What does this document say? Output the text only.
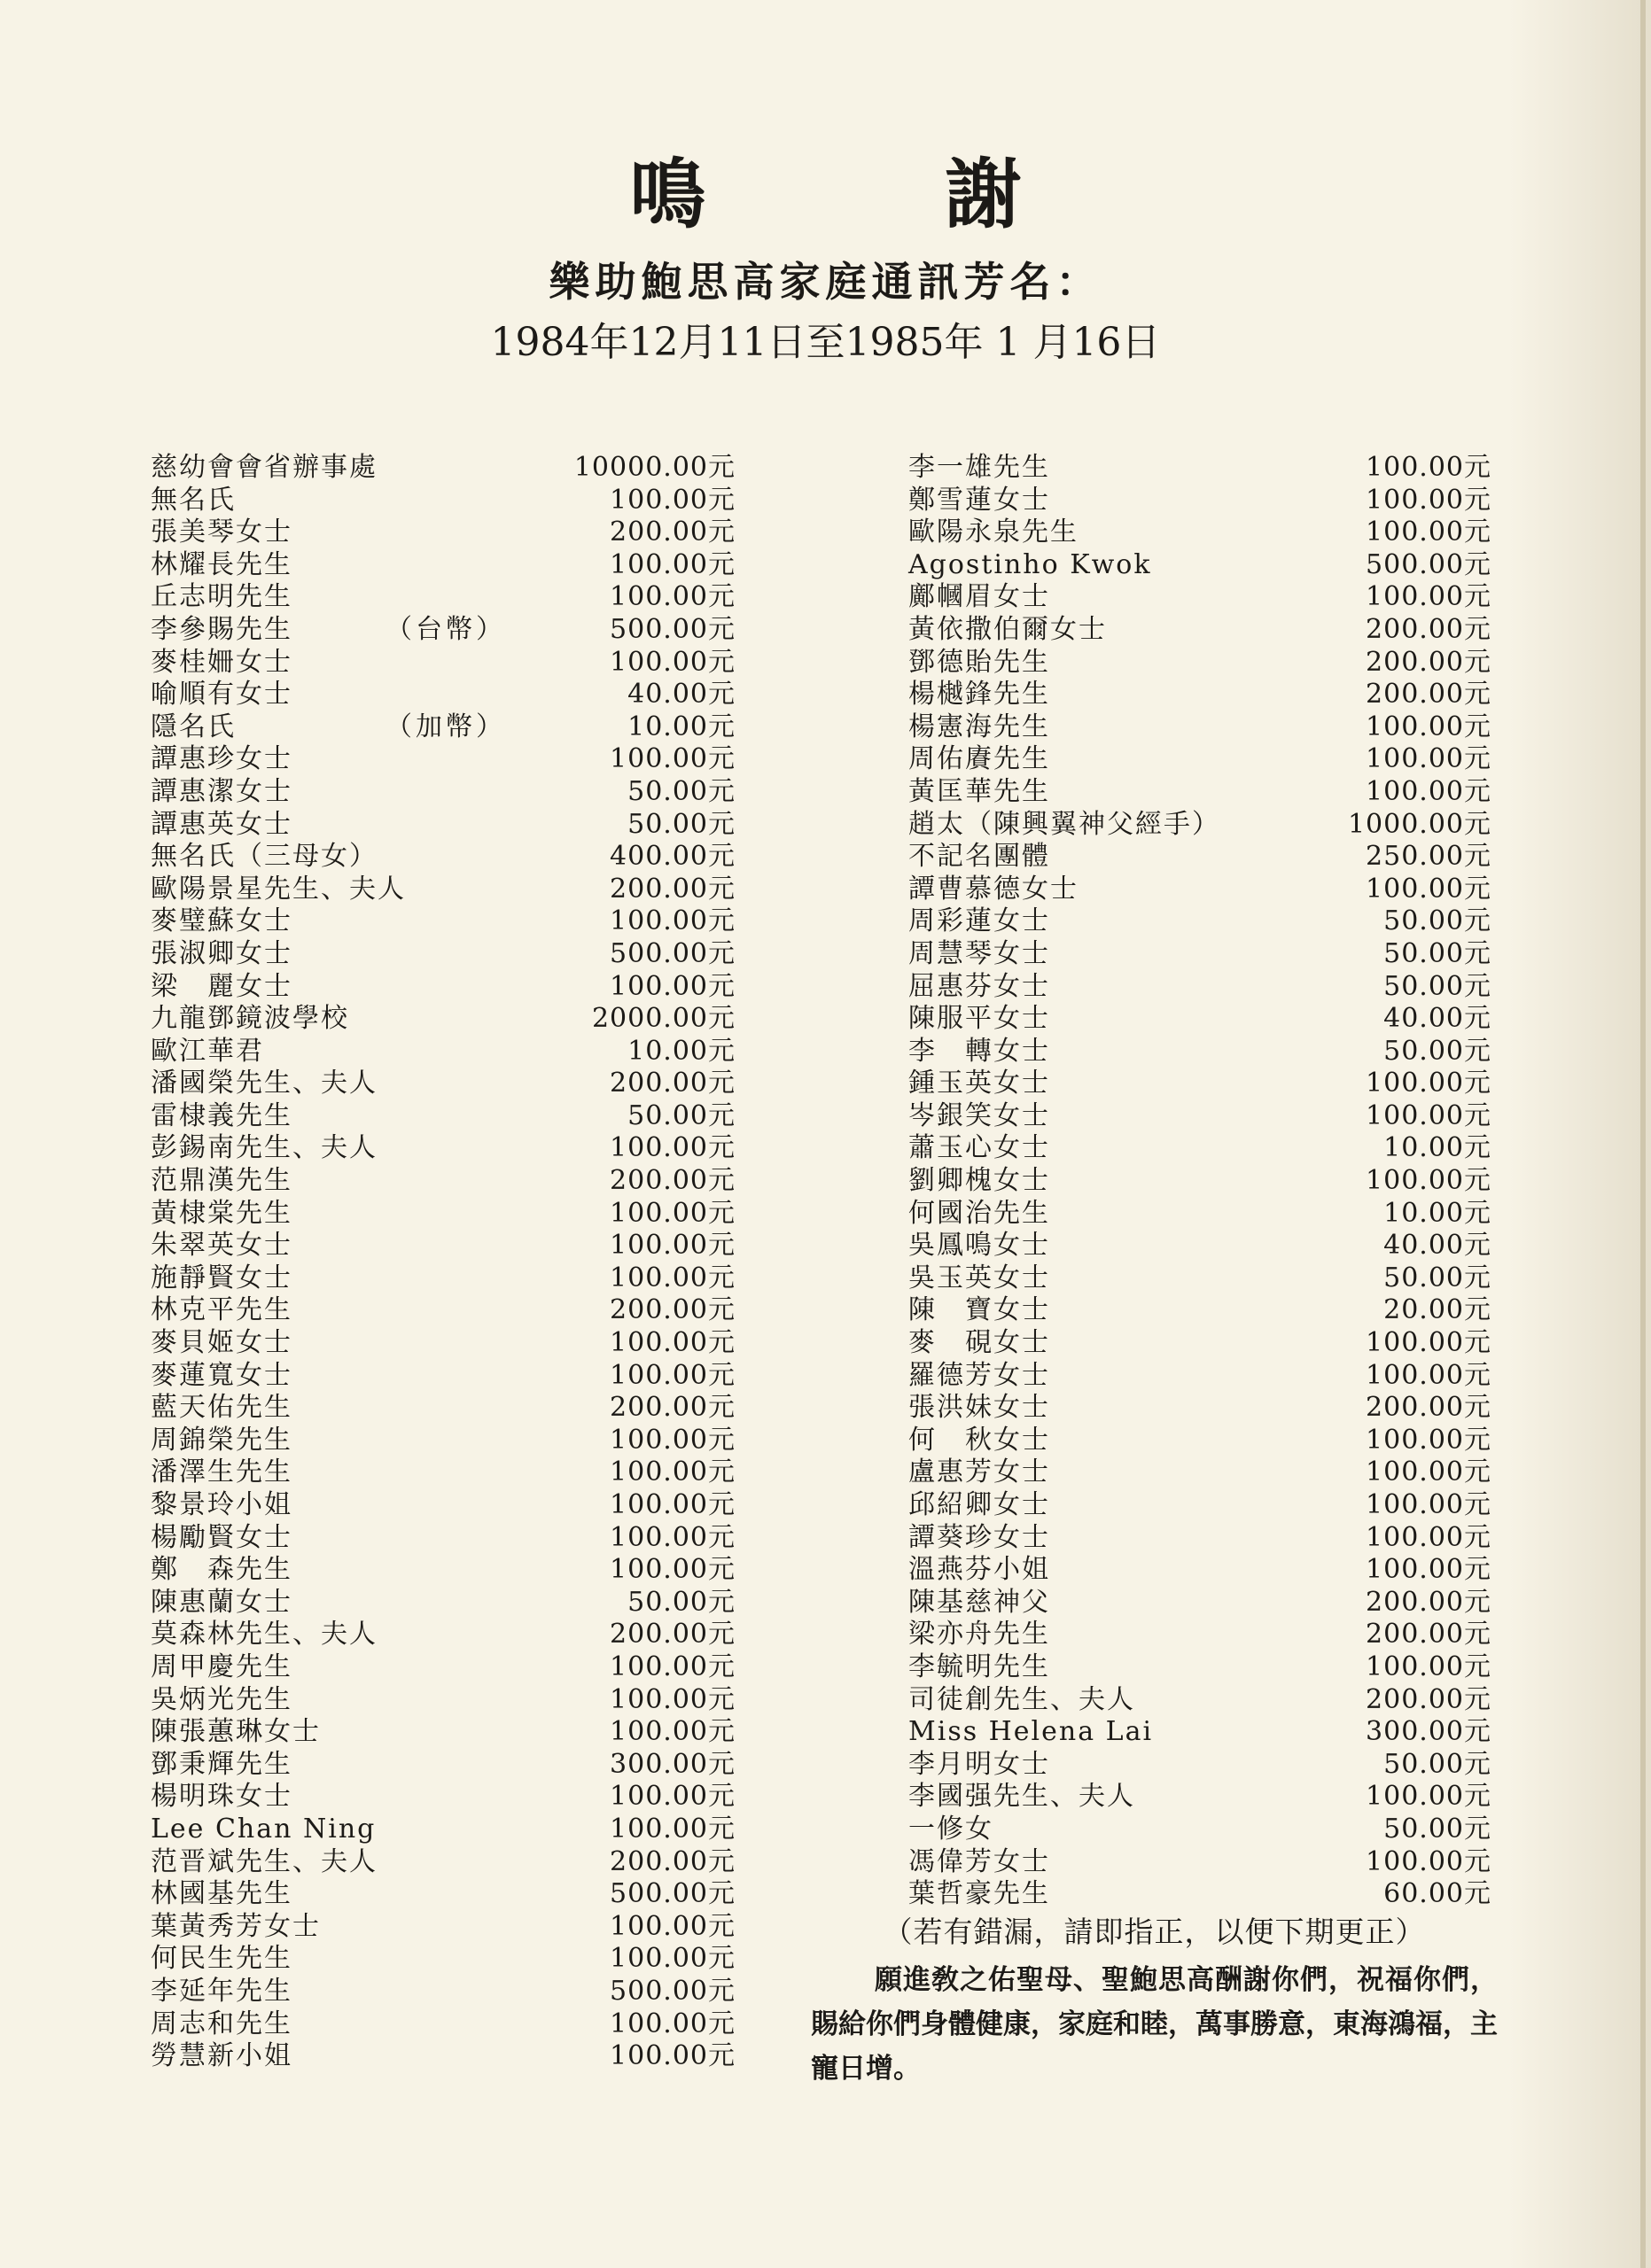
鳴 謝
樂助鮑思高家庭通訊芳名：
1984年12月11日至1985年 1 月16日
慈幼會會省辦事處	10000.00元
無名氏	100.00元
張美琴女士	200.00元
林耀長先生	100.00元
丘志明先生	100.00元
李參賜先生	（台幣）	500.00元
麥桂姍女士	100.00元
喻順有女士	40.00元
隱名氏	（加幣）	10.00元
譚惠珍女士	100.00元
譚惠潔女士	50.00元
譚惠英女士	50.00元
無名氏（三母女）	400.00元
歐陽景星先生、夫人	200.00元
麥璧蘇女士	100.00元
張淑卿女士	500.00元
梁　麗女士	100.00元
九龍鄧鏡波學校	2000.00元
歐江華君	10.00元
潘國榮先生、夫人	200.00元
雷棣義先生	50.00元
彭錫南先生、夫人	100.00元
范鼎漢先生	200.00元
黃棣棠先生	100.00元
朱翠英女士	100.00元
施靜賢女士	100.00元
林克平先生	200.00元
麥貝姬女士	100.00元
麥蓮寬女士	100.00元
藍天佑先生	200.00元
周錦榮先生	100.00元
潘澤生先生	100.00元
黎景玲小姐	100.00元
楊勵賢女士	100.00元
鄭　森先生	100.00元
陳惠蘭女士	50.00元
莫森林先生、夫人	200.00元
周甲慶先生	100.00元
吳炳光先生	100.00元
陳張蕙琳女士	100.00元
鄧秉輝先生	300.00元
楊明珠女士	100.00元
Lee Chan Ning	100.00元
范晋斌先生、夫人	200.00元
林國基先生	500.00元
葉黃秀芳女士	100.00元
何民生先生	100.00元
李延年先生	500.00元
周志和先生	100.00元
勞慧新小姐	100.00元
李一雄先生	100.00元
鄭雪蓮女士	100.00元
歐陽永泉先生	100.00元
Agostinho Kwok	500.00元
鄺幗眉女士	100.00元
黃依撒伯爾女士	200.00元
鄧德貽先生	200.00元
楊樾鋒先生	200.00元
楊憲海先生	100.00元
周佑賡先生	100.00元
黃匡華先生	100.00元
趙太（陳興翼神父經手）	1000.00元
不記名團體	250.00元
譚曹慕德女士	100.00元
周彩蓮女士	50.00元
周慧琴女士	50.00元
屈惠芬女士	50.00元
陳服平女士	40.00元
李　轉女士	50.00元
鍾玉英女士	100.00元
岑銀笑女士	100.00元
蕭玉心女士	10.00元
劉卿槐女士	100.00元
何國治先生	10.00元
吳鳳鳴女士	40.00元
吳玉英女士	50.00元
陳　寶女士	20.00元
麥　硯女士	100.00元
羅德芳女士	100.00元
張洪妹女士	200.00元
何　秋女士	100.00元
盧惠芳女士	100.00元
邱紹卿女士	100.00元
譚葵珍女士	100.00元
溫燕芬小姐	100.00元
陳基慈神父	200.00元
梁亦舟先生	200.00元
李毓明先生	100.00元
司徒創先生、夫人	200.00元
Miss Helena Lai	300.00元
李月明女士	50.00元
李國强先生、夫人	100.00元
一修女	50.00元
馮偉芳女士	100.00元
葉哲豪先生	60.00元
（若有錯漏，請即指正，以便下期更正）
願進敎之佑聖母、聖鮑思高酬謝你們，祝福你們，賜給你們身體健康，家庭和睦，萬事勝意，東海鴻福，主寵日增。
